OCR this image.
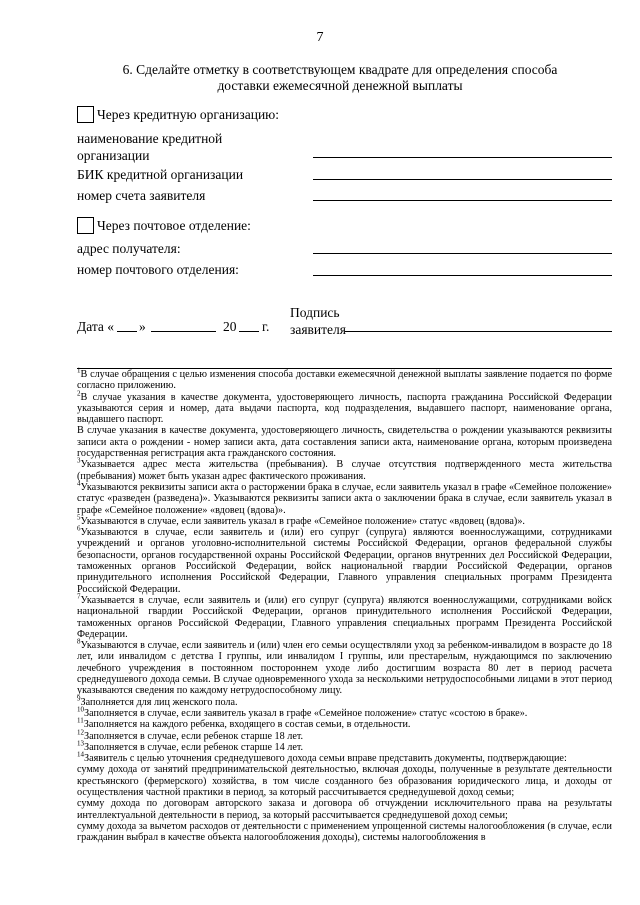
7
6. Сделайте отметку в соответствующем квадрате для определения способа доставки ежемесячной денежной выплаты
Через кредитную организацию:
наименование кредитной организации
БИК кредитной организации
номер счета заявителя
Через почтовое отделение:
адрес получателя:
номер почтового отделения:
Дата « »	20 г.
Подпись заявителя

$^1$В случае обращения с целью изменения способа доставки ежемесячной денежной выплаты заявление подается по форме согласно приложению.

$^2$В случае указания в качестве документа, удостоверяющего личность, паспорта гражданина Российской Федерации указываются серия и номер, дата выдачи паспорта, код подразделения, выдавшего паспорт, наименование органа, выдавшего паспорт.

В случае указания в качестве документа, удостоверяющего личность, свидетельства о рождении указываются реквизиты записи акта о рождении - номер записи акта, дата составления записи акта, наименование органа, которым произведена государственная регистрация акта гражданского состояния.

$^3$Указывается адрес места жительства (пребывания). В случае отсутствия подтвержденного места жительства (пребывания) может быть указан адрес фактического проживания.

$^4$Указываются реквизиты записи акта о расторжении брака в случае, если заявитель указал в графе «Семейное положение» статус «разведен (разведена)». Указываются реквизиты записи акта о заключении брака в случае, если заявитель указал в графе «Семейное положение» «вдовец (вдова)».

$^5$Указываются в случае, если заявитель указал в графе «Семейное положение» статус «вдовец (вдова)».

$^6$Указываются в случае, если заявитель и (или) его супруг (супруга) являются военнослужащими, сотрудниками учреждений и органов уголовно-исполнительной системы Российской Федерации, органов федеральной службы безопасности, органов государственной охраны Российской Федерации, органов внутренних дел Российской Федерации, таможенных органов Российской Федерации, войск национальной гвардии Российской Федерации, органов принудительного исполнения Российской Федерации, Главного управления специальных программ Президента Российской Федерации.

$^7$Указывается в случае, если заявитель и (или) его супруг (супруга) являются военнослужащими, сотрудниками войск национальной гвардии Российской Федерации, органов принудительного исполнения Российской Федерации, таможенных органов Российской Федерации, Главного управления специальных программ Президента Российской Федерации.

$^8$Указываются в случае, если заявитель и (или) член его семьи осуществляли уход за ребенком-инвалидом в возрасте до 18 лет, или инвалидом с детства I группы, или инвалидом I группы, или престарелым, нуждающимся по заключению лечебного учреждения в постоянном постороннем уходе либо достигшим возраста 80 лет в период расчета среднедушевого дохода семьи. В случае одновременного ухода за несколькими нетрудоспособными лицами в этот период указываются сведения по каждому нетрудоспособному лицу.

$^9$Заполняется для лиц женского пола.

$^{10}$Заполняется в случае, если заявитель указал в графе «Семейное положение» статус «состою в браке».

$^{11}$Заполняется на каждого ребенка, входящего в состав семьи, в отдельности.

$^{12}$Заполняется в случае, если ребенок старше 18 лет.

$^{13}$Заполняется в случае, если ребенок старше 14 лет.

$^{14}$Заявитель с целью уточнения среднедушевого дохода семьи вправе представить документы, подтверждающие:

сумму дохода от занятий предпринимательской деятельностью, включая доходы, полученные в результате деятельности крестьянского (фермерского) хозяйства, в том числе созданного без образования юридического лица, и доходы от осуществления частной практики в период, за который рассчитывается среднедушевой доход семьи;

сумму дохода по договорам авторского заказа и договора об отчуждении исключительного права на результаты интеллектуальной деятельности в период, за который рассчитывается среднедушевой доход семьи;

сумму дохода за вычетом расходов от деятельности с применением упрощенной системы налогообложения (в случае, если гражданин выбрал в качестве объекта налогообложения доходы), системы налогообложения в
